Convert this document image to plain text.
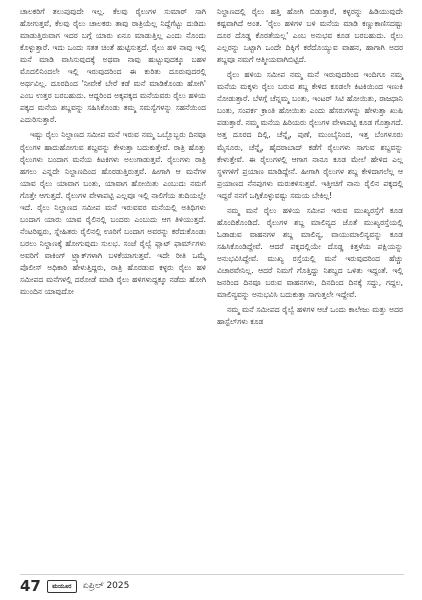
ಚಾಲಕರಿಗೆ ತಲುಪುವುದೇ ಇಲ್ಲ. ಕೆಲವು ರೈಲುಗಳ ಸುಮಾರ್ ಸಾಗಿ ಹೋಗುತ್ತವೆ, ಕೆಲವು ರೈಲು ಚಾಲಕರು ತಾವು ರಾತ್ರಿಯೆಲ್ಲ ನಿದ್ದೆಗೆಟ್ಟು ದುಡಿದು ಮಾಡುತ್ತಿರುವಾಗ ಇದರ ಬಗ್ಗೆ ಯಾರು ಏನೂ ಮಾಡುತ್ತಿಲ್ಲ ಎಂದು ನೊಂದು ಕೊಳ್ಳುತ್ತಾರೆ. ಇದು ಒಂದು ಸತತ ಚಿಂತೆ ಹುಟ್ಟಿಸುತ್ತದೆ. ರೈಲು ಹಳಿ ನಾವು ಇಲ್ಲಿ ಮನೆ ಮಾಡಿ ವಾಸಿಸುವುದಕ್ಕೆ ಅಥವಾ ನಾವು ಹುಟ್ಟುವುದಕ್ಕೂ ಬಹಳ ಮೊದಲಿನಿಂದಲೇ ಇಲ್ಲಿ ಇರುವುದರಿಂದ ಈ ಕುರಿತು ದೂರುವುದರಲ್ಲಿ ಅರ್ಥವಿಲ್ಲ. ದೂರದಿಂದ 'ನೀವೇಕೆ ಬೇರೆ ಕಡೆ ಮನೆ ಮಾಡಿಕೊಂಡು ಹೋಗಿ' ಎಂಬ ಉತ್ತರ ಬರಬಹುದು. ಆದ್ದರಿಂದ ಅಕ್ಕಪಕ್ಕದ ಮನೆಯವರು ರೈಲು ಹಳಿಯ ಪಕ್ಕದ ಮನೆಯ ಶಬ್ದವನ್ನು ಸಹಿಸಿಕೊಂಡು ತಮ್ಮ ಸಮಸ್ಯೆಗಳನ್ನು ಸಹನೆಯಿಂದ ಎದುರಿಸುತ್ತಾರೆ.

ಇಷ್ಟು ರೈಲು ನಿಲ್ದಾಣದ ಸಮೀಪ ಮನೆ ಇರುವ ನಮ್ಮ ಒಬ್ಬೊಬ್ಬರು ದಿನವೂ ರೈಲುಗಳ ಹಾದುಹೋಗುವ ಶಬ್ದವನ್ನು ಕೇಳುತ್ತಾ ಬದುಕುತ್ತೇವೆ. ರಾತ್ರಿ ಹೊತ್ತು ರೈಲುಗಳು ಬಂದಾಗ ಮನೆಯ ಕಿಟಕಿಗಳು ಅಲುಗಾಡುತ್ತವೆ. ರೈಲುಗಳು ರಾತ್ರಿ ಹಗಲು ಎನ್ನದೇ ನಿಲ್ದಾಣದಿಂದ ಹೊರಡುತ್ತಿರುತ್ತವೆ. ಹೀಗಾಗಿ ಆ ಮನೆಗಳ ಯಾವ ರೈಲು ಯಾವಾಗ ಬಂತು, ಯಾವಾಗ ಹೋಯಿತು ಎಂಬುದು ನಮಗೆ ಗೊತ್ತೇ ಆಗುತ್ತದೆ. ರೈಲುಗಳ ವೇಳಾಪಟ್ಟಿ ಎಲ್ಲವೂ ಇಲ್ಲಿ ನಾಲಿಗೆಯ ತುದಿಯಲ್ಲೇ ಇದೆ. ರೈಲು ನಿಲ್ದಾಣದ ಸಮೀಪ ಮನೆ ಇರುವವರ ಮನೆಯಲ್ಲಿ ಅತಿಥಿಗಳು ಬಂದಾಗ ಯಾರು ಯಾವ ರೈಲಿನಲ್ಲಿ ಬಂದರು ಎಂಬುದು ಆಗ ತಿಳಿಯುತ್ತದೆ. ನೆಂಟರಿಷ್ಟರು, ಸ್ನೇಹಿತರು ರೈಲಿನಲ್ಲಿ ಊರಿಗೆ ಬಂದಾಗ ಅವರನ್ನು ಕರೆದುಕೊಂಡು ಬರಲು ನಿಲ್ದಾಣಕ್ಕೆ ಹೋಗುವುದು ಸುಲಭ. ಸಂಜೆ ರೈಲ್ವೆ ಪ್ಲಾಟ್ ಫಾರ್ಮ್‌ಗಳು ಅವರಿಗೆ ವಾಕಿಂಗ್ ಟ್ರ್ಯಾಕ್‌ಗಳಾಗಿ ಬಳಕೆಯಾಗುತ್ತವೆ. ಇದೇ ರೀತಿ ಒಮ್ಮೆ ಪೊಲೀಸ್ ಅಧಿಕಾರಿ ಹೇಳುತ್ತಿದ್ದರು, ರಾತ್ರಿ ಹೊರಡುವ ಕಳ್ಳರು ರೈಲು ಹಳಿ ಸಮೀಪದ ಮನೆಗಳಲ್ಲಿ ದರೋಡೆ ಮಾಡಿ ರೈಲು ಹಳಿಗಳುದ್ದಕ್ಕೂ ನಡೆದು ಹೋಗಿ ಮುಂದಿನ ಯಾವುದೋ

ನಿಲ್ದಾಣದಲ್ಲಿ ರೈಲು ಹತ್ತಿ ಹೋಗಿ ಬಿಡುತ್ತಾರೆ, ಕಳ್ಳರನ್ನು ಹಿಡಿಯುವುದೇ ಕಷ್ಟವಾಗಿದೆ ಅಂತ. 'ರೈಲು ಹಳಿಗಳ ಬಳಿ ಮನೆಯ ಮಾಡಿ ಕಣ್ಣುಕಾಣಿಸದಷ್ಟು ದೂರ ದೊಡ್ಡ ಕೊರತೆಯಲ್ಲ' ಎಂಬ ಅನುಭವ ಕೂಡ ಬರಬಹುದು. ರೈಲು ಎಲ್ಲರನ್ನು ಒಟ್ಟಾಗಿ ಒಂದೇ ದಿಕ್ಕಿಗೆ ಕರೆದೊಯ್ಯುವ ವಾಹನ, ಹಾಗಾಗಿ ಅದರ ಶಬ್ದವೂ ನಮಗೆ ಆತ್ಮೀಯವಾಗಿಬಿಟ್ಟಿದೆ.

ರೈಲು ಹಳಿಯ ಸಮೀಪ ನಮ್ಮ ಮನೆ ಇರುವುದರಿಂದ ಇಂದಿಗೂ ನಮ್ಮ ಮನೆಯ ಮಕ್ಕಳು ರೈಲು ಬರುವ ಶಬ್ದ ಕೇಳಿದ ಕೂಡಲೇ ಕಿಟಕಿಯಿಂದ ಇಣುಕಿ ನೋಡುತ್ತಾರೆ. ಬೆಳಗ್ಗೆ ಚೆನ್ನಮ್ಮ ಬಂತು, ಇಂಟರ್ ಸಿಟಿ ಹೋಯಿತು, ರಾಜಧಾನಿ ಬಂತು, ಸಂಪರ್ಕ ಕ್ರಾಂತಿ ಹೋಯಿತು ಎಂದು ಹೆಸರುಗಳನ್ನು ಹೇಳುತ್ತಾ ಖುಷಿ ಪಡುತ್ತಾರೆ. ನಮ್ಮ ಮನೆಯ ಹಿರಿಯರು ರೈಲುಗಳ ವೇಳಾಪಟ್ಟಿ ಕೂಡ ಗೊತ್ತಾಗದೆ. ಅತ್ತ ದೂರದ ದಿಲ್ಲಿ, ಚೆನ್ನೈ, ಪುಣೆ, ಮುಂಬೈನಿಂದ, ಇತ್ತ ಬೆಂಗಳೂರು ಮೈಸೂರು, ಚೆನ್ನೈ, ಹೈದರಾಬಾದ್ ಕಡೆಗೆ ರೈಲುಗಳು ಸಾಗುವ ಶಬ್ದವನ್ನು ಕೇಳುತ್ತೇವೆ. ಈ ರೈಲುಗಳಲ್ಲಿ ಆಗಾಗ ನಾನೂ ಕೂಡ ಮೇಲೆ ಹೇಳಿದ ಎಲ್ಲ ಸ್ಥಳಗಳಿಗೆ ಪ್ರಯಾಣ ಮಾಡಿದ್ದೇನೆ. ಹೀಗಾಗಿ ರೈಲುಗಳ ಶಬ್ದ ಕೇಳಿದಾಗಲೆಲ್ಲ ಆ ಪ್ರಯಾಣದ ನೆನಪುಗಳು ಮರುಕಳಿಸುತ್ತವೆ. ಇತ್ತೀಚಿಗೆ ನಾನು ರೈಲಿನ ಪಕ್ಕದಲ್ಲಿ ಇದ್ದರೆ ನನಗೆ ಒಗ್ಗಿಕೊಳ್ಳುವಷ್ಟು ಸಮಯ ಬೇಕಿಲ್ಲ!

ನಮ್ಮ ಮನೆ ರೈಲು ಹಳಿಯ ಸಮೀಪ ಇರುವ ಮುಖ್ಯರಸ್ತೆಗೆ ಕೂಡ ಹೊಂದಿಕೊಂಡಿದೆ. ರೈಲುಗಳ ಶಬ್ದ ಮಾಲಿನ್ಯದ ಜೊತೆ ಮುಖ್ಯರಸ್ತೆಯಲ್ಲಿ ಓಡಾಡುವ ವಾಹನಗಳ ಶಬ್ದ ಮಾಲಿನ್ಯ, ವಾಯುಮಾಲಿನ್ಯವನ್ನು ಕೂಡ ಸಹಿಸಿಕೊಂಡಿದ್ದೇವೆ. ಆದರೆ ಪಕ್ಕದಲ್ಲಿಯೇ ದೊಡ್ಡ ಕಿತ್ತಳೆಯ ಪಕ್ಷಿಯನ್ನು ಅನುಭವಿಸಿದ್ದೇವೆ. ಮುಖ್ಯ ರಸ್ತೆಯಲ್ಲಿ ಮನೆ ಇರುವುದರಿಂದ ಹೆಚ್ಚು ವಿಚಾರವೇನಿಲ್ಲ. ಆದರೆ ನಿಮಗೆ ಗೊತ್ತಿದ್ದು ನಿಶಬ್ದದ ಒಳಿತು ಇದ್ದಂತೆ. ಇಲ್ಲಿ ಜನರಿಂದ ದಿನವೂ ಬರುವ ವಾಹನಗಳು, ದಿನದಿಂದ ದಿನಕ್ಕೆ ಸದ್ದು, ಗದ್ದಲ, ಮಾಲಿನ್ಯವನ್ನು ಅನುಭವಿಸಿ ಬದುಕುತ್ತಾ ಸಾಗುತ್ತಲೇ ಇದ್ದೇವೆ.

ನಮ್ಮ ಮನೆ ಸಮೀಪದ ರೈಲ್ವೆ ಹಳಿಗಳ ಆಚೆ ಒಂದು ಕಾಲೇಜು ಮತ್ತು ಅದರ ಹಾಸ್ಟೆಲ್‌ಗಳು ಕೂಡ

47	ಮಯೂರ	ಏಪ್ರಿಲ್ 2025
